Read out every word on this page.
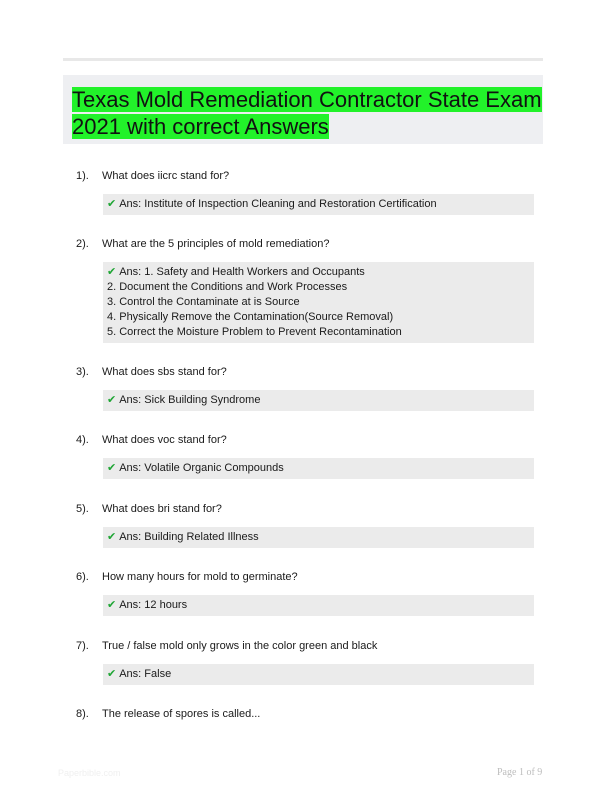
Texas Mold Remediation Contractor State Exam 2021 with correct Answers
1). What does iicrc stand for?
✔ Ans: Institute of Inspection Cleaning and Restoration Certification
2). What are the 5 principles of mold remediation?
✔ Ans: 1. Safety and Health Workers and Occupants
2. Document the Conditions and Work Processes
3. Control the Contaminate at is Source
4. Physically Remove the Contamination(Source Removal)
5. Correct the Moisture Problem to Prevent Recontamination
3). What does sbs stand for?
✔ Ans: Sick Building Syndrome
4). What does voc stand for?
✔ Ans: Volatile Organic Compounds
5). What does bri stand for?
✔ Ans: Building Related Illness
6). How many hours for mold to germinate?
✔ Ans: 12 hours
7). True / false mold only grows in the color green and black
✔ Ans: False
8). The release of spores is called...
Paperbible.com	Page 1 of 9
